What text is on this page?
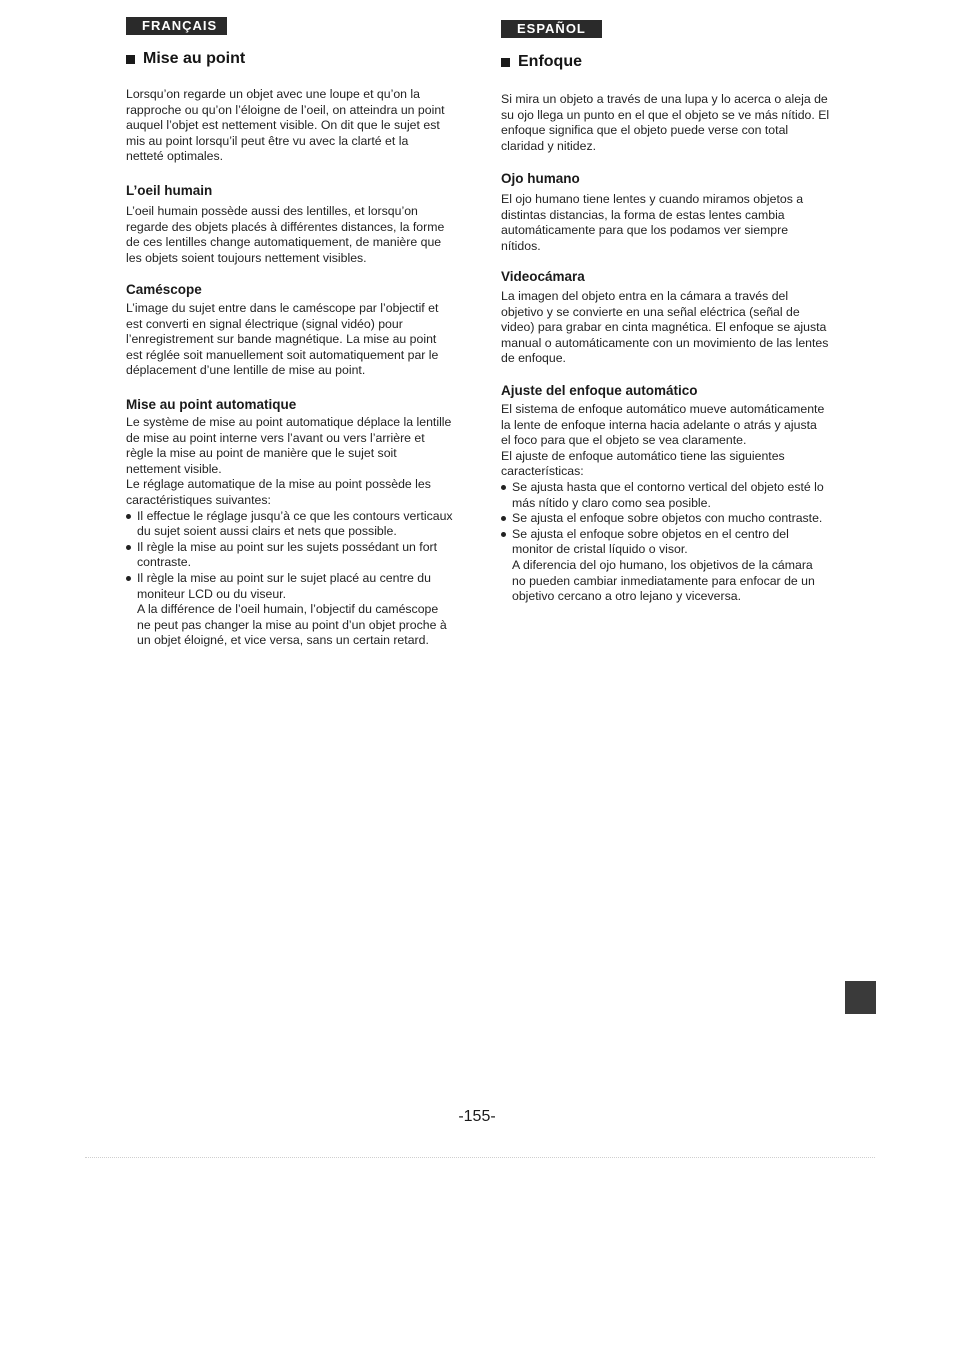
FRANÇAIS
Mise au point
Lorsqu’on regarde un objet avec une loupe et qu’on la rapproche ou qu’on l’éloigne de l’oeil, on atteindra un point auquel l’objet est nettement visible. On dit que le sujet est mis au point lorsqu’il peut être vu avec la clarté et la netteté optimales.
L’oeil humain
L’oeil humain possède aussi des lentilles, et lorsqu’on regarde des objets placés à différentes distances, la forme de ces lentilles change automatiquement, de manière que les objets soient toujours nettement visibles.
Caméscope
L’image du sujet entre dans le caméscope par l’objectif et est converti en signal électrique (signal vidéo) pour l’enregistrement sur bande magnétique. La mise au point est réglée soit manuellement soit automatiquement par le déplacement d’une lentille de mise au point.
Mise au point automatique

Le système de mise au point automatique déplace la lentille de mise au point interne vers l’avant ou vers l’arrière et règle la mise au point de manière que le sujet soit nettement visible.

Le réglage automatique de la mise au point possède les caractéristiques suivantes:

Il effectue le réglage jusqu’à ce que les contours verticaux du sujet soient aussi clairs et nets que possible.
Il règle la mise au point sur les sujets possédant un fort contraste.
Il règle la mise au point sur le sujet placé au centre du moniteur LCD ou du viseur.

A la différence de l’oeil humain, l’objectif du caméscope ne peut pas changer la mise au point d’un objet proche à un objet éloigné, et vice versa, sans un certain retard.

ESPAÑOL
Enfoque
Si mira un objeto a través de una lupa y lo acerca o aleja de su ojo llega un punto en el que el objeto se ve más nítido. El enfoque significa que el objeto puede verse con total claridad y nitidez.
Ojo humano
El ojo humano tiene lentes y cuando miramos objetos a distintas distancias, la forma de estas lentes cambia automáticamente para que los podamos ver siempre nítidos.
Videocámara
La imagen del objeto entra en la cámara a través del objetivo y se convierte en una señal eléctrica (señal de video) para grabar en cinta magnética. El enfoque se ajusta manual o automáticamente con un movimiento de las lentes de enfoque.
Ajuste del enfoque automático

El sistema de enfoque automático mueve automáticamente la lente de enfoque interna hacia adelante o atrás y ajusta el foco para que el objeto se vea claramente.

El ajuste de enfoque automático tiene las siguientes características:

Se ajusta hasta que el contorno vertical del objeto esté lo más nítido y claro como sea posible.
Se ajusta el enfoque sobre objetos con mucho contraste.
Se ajusta el enfoque sobre objetos en el centro del monitor de cristal líquido o visor.

A diferencia del ojo humano, los objetivos de la cámara no pueden cambiar inmediatamente para enfocar de un objetivo cercano a otro lejano y viceversa.

-155-
